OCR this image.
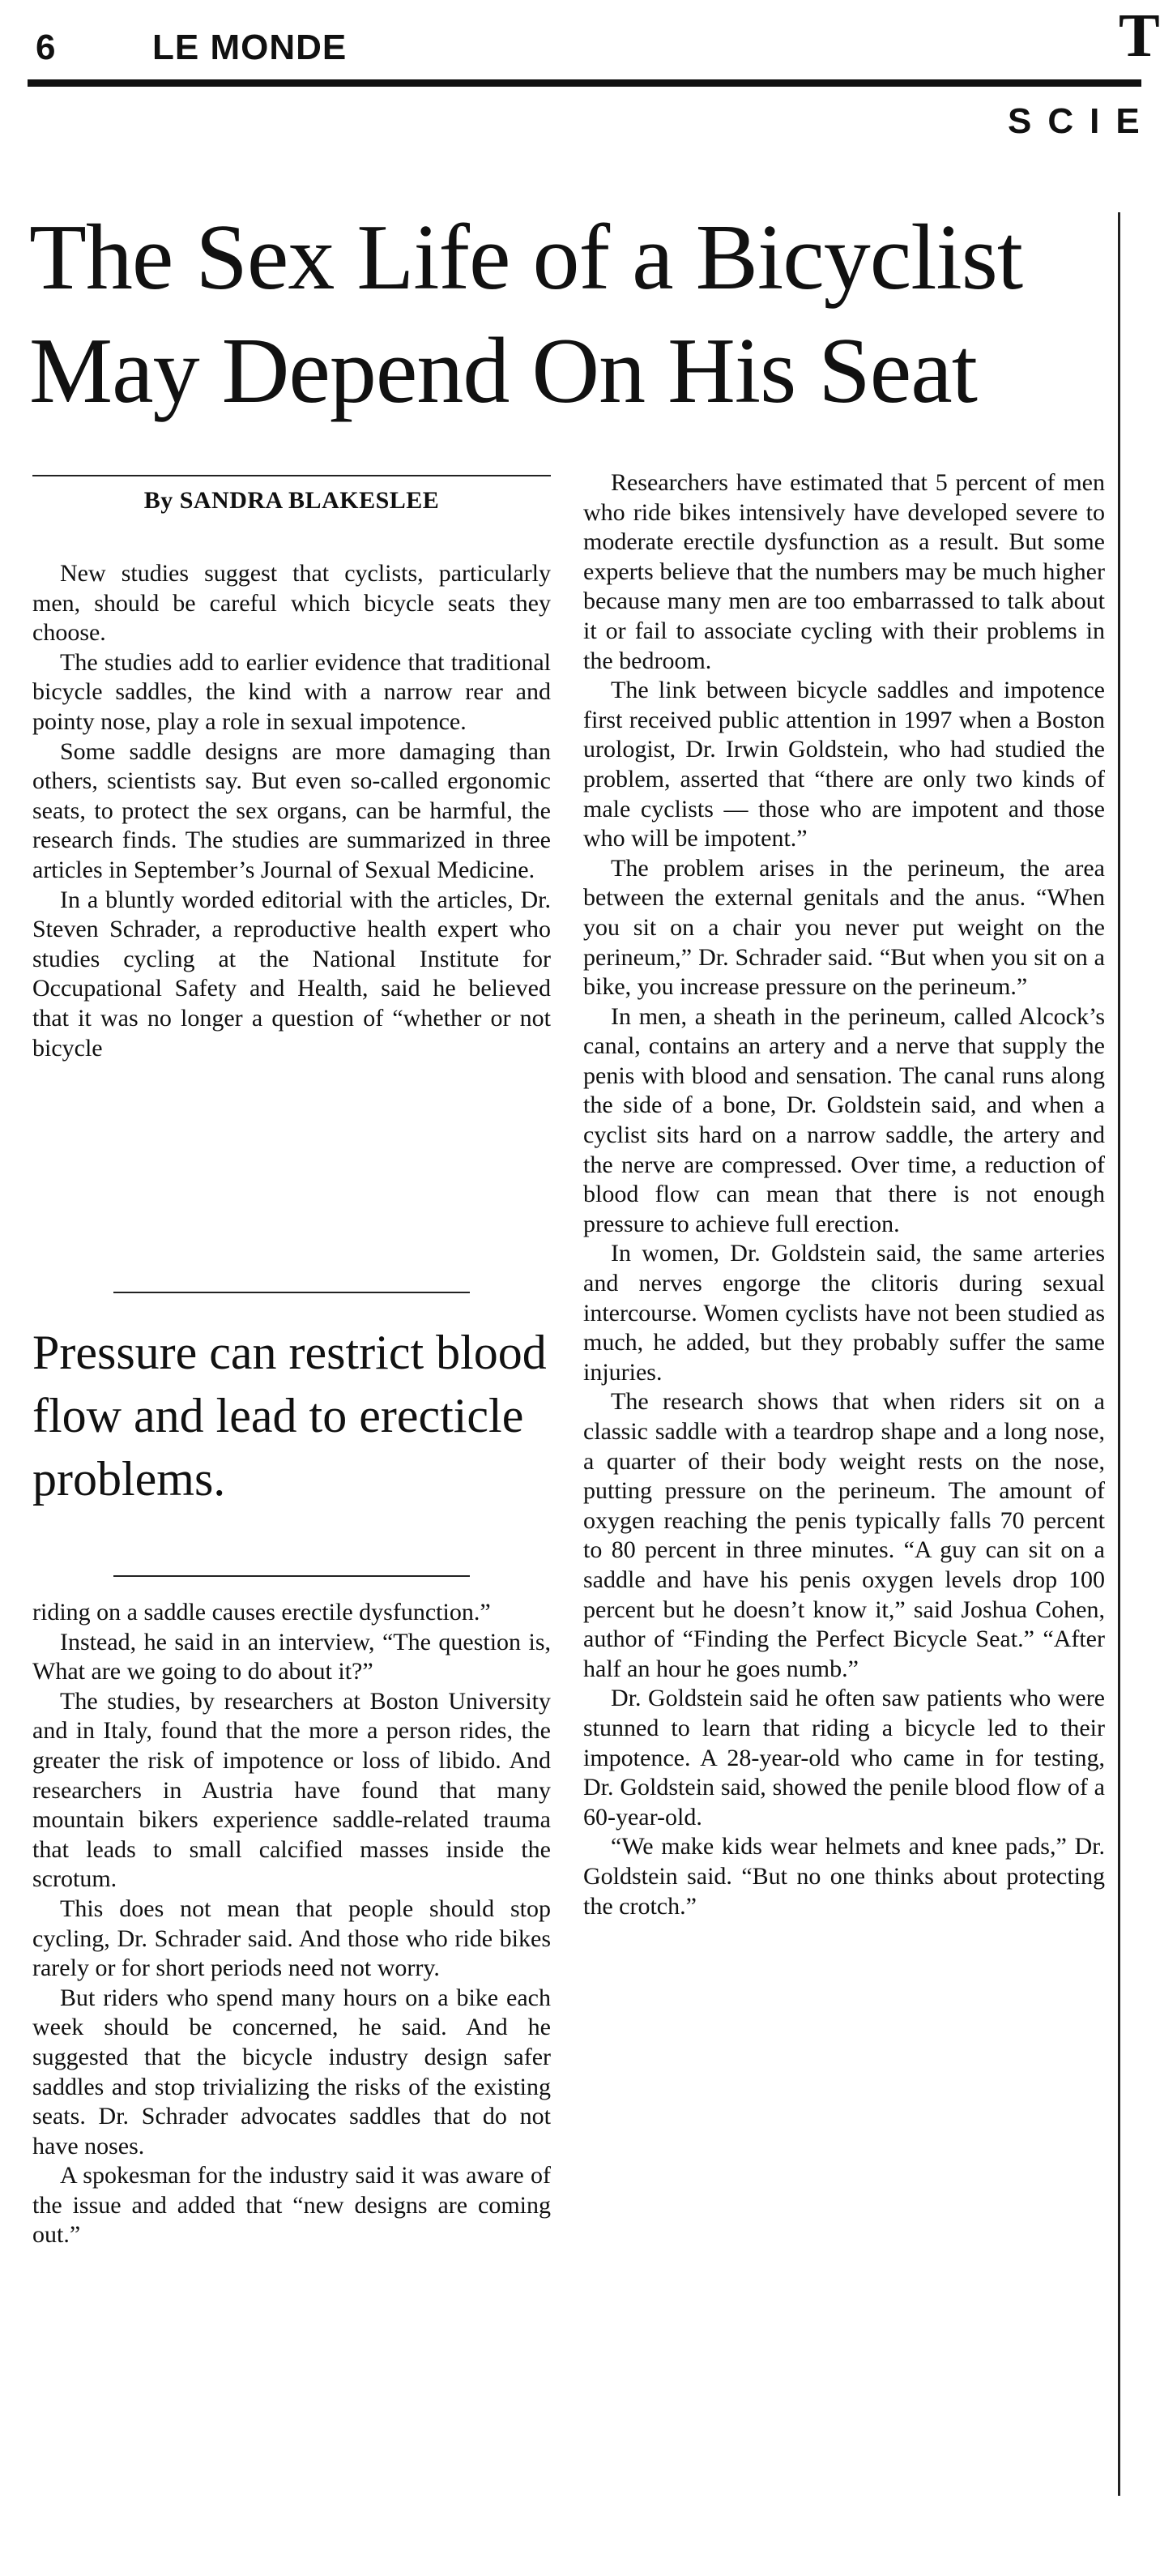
6	LE MONDE	T
SCIE
The Sex Life of a Bicyclist May Depend On His Seat
By SANDRA BLAKESLEE

New studies suggest that cyclists, particularly men, should be careful which bicycle seats they choose.

The studies add to earlier evidence that traditional bicycle saddles, the kind with a narrow rear and pointy nose, play a role in sexual impotence.

Some saddle designs are more damaging than others, scientists say. But even so-called ergonomic seats, to protect the sex organs, can be harmful, the research finds. The studies are summarized in three articles in September’s Journal of Sexual Medicine.

In a bluntly worded editorial with the articles, Dr. Steven Schrader, a reproductive health expert who studies cycling at the National Institute for Occupational Safety and Health, said he believed that it was no longer a question of “whether or not bicycle

Pressure can restrict blood flow and lead to erecticle problems.

riding on a saddle causes erectile dysfunction.”

Instead, he said in an interview, “The question is, What are we going to do about it?”

The studies, by researchers at Boston University and in Italy, found that the more a person rides, the greater the risk of impotence or loss of libido. And researchers in Austria have found that many mountain bikers experience saddle-related trauma that leads to small calcified masses inside the scrotum.

This does not mean that people should stop cycling, Dr. Schrader said. And those who ride bikes rarely or for short periods need not worry.

But riders who spend many hours on a bike each week should be concerned, he said. And he suggested that the bicycle industry design safer saddles and stop trivializing the risks of the existing seats. Dr. Schrader advocates saddles that do not have noses.

A spokesman for the industry said it was aware of the issue and added that “new designs are coming out.”

Researchers have estimated that 5 percent of men who ride bikes intensively have developed severe to moderate erectile dysfunction as a result. But some experts believe that the numbers may be much higher because many men are too embarrassed to talk about it or fail to associate cycling with their problems in the bedroom.

The link between bicycle saddles and impotence first received public attention in 1997 when a Boston urologist, Dr. Irwin Goldstein, who had studied the problem, asserted that “there are only two kinds of male cyclists — those who are impotent and those who will be impotent.”

The problem arises in the perineum, the area between the external genitals and the anus. “When you sit on a chair you never put weight on the perineum,” Dr. Schrader said. “But when you sit on a bike, you increase pressure on the perineum.”

In men, a sheath in the perineum, called Alcock’s canal, contains an artery and a nerve that supply the penis with blood and sensation. The canal runs along the side of a bone, Dr. Goldstein said, and when a cyclist sits hard on a narrow saddle, the artery and the nerve are compressed. Over time, a reduction of blood flow can mean that there is not enough pressure to achieve full erection.

In women, Dr. Goldstein said, the same arteries and nerves engorge the clitoris during sexual intercourse. Women cyclists have not been studied as much, he added, but they probably suffer the same injuries.

The research shows that when riders sit on a classic saddle with a teardrop shape and a long nose, a quarter of their body weight rests on the nose, putting pressure on the perineum. The amount of oxygen reaching the penis typically falls 70 percent to 80 percent in three minutes. “A guy can sit on a saddle and have his penis oxygen levels drop 100 percent but he doesn’t know it,” said Joshua Cohen, author of “Finding the Perfect Bicycle Seat.” “After half an hour he goes numb.”

Dr. Goldstein said he often saw patients who were stunned to learn that riding a bicycle led to their impotence. A 28-year-old who came in for testing, Dr. Goldstein said, showed the penile blood flow of a 60-year-old.

“We make kids wear helmets and knee pads,” Dr. Goldstein said. “But no one thinks about protecting the crotch.”
